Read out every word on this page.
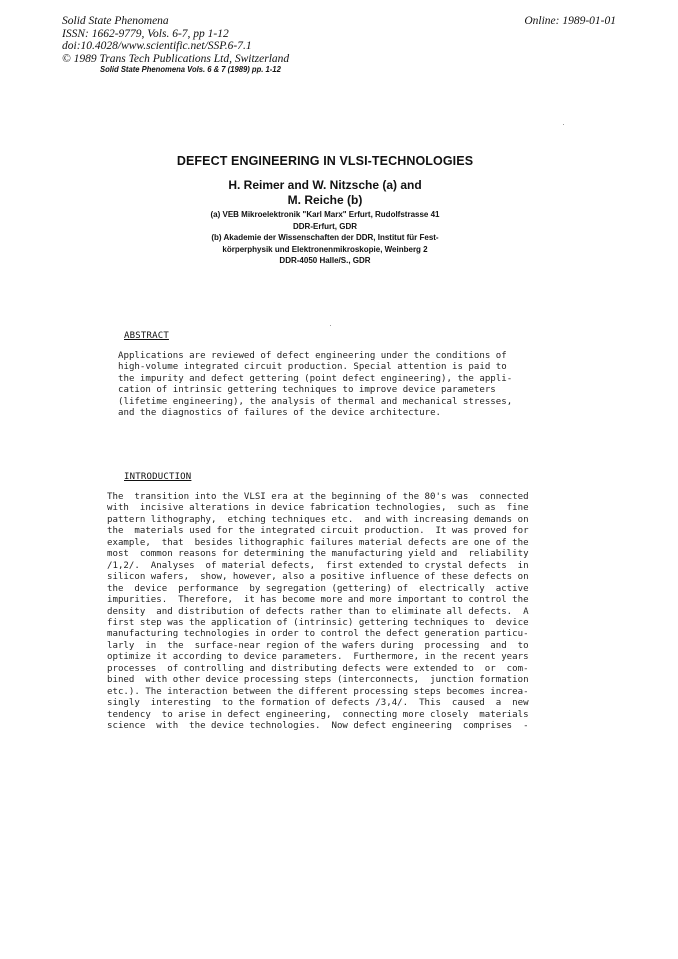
Solid State Phenomena
ISSN: 1662-9779, Vols. 6-7, pp 1-12
doi:10.4028/www.scientific.net/SSP.6-7.1
© 1989 Trans Tech Publications Ltd, Switzerland
Online: 1989-01-01
Solid State Phenomena Vols. 6 & 7 (1989) pp. 1-12
DEFECT ENGINEERING IN VLSI-TECHNOLOGIES
H. Reimer and W. Nitzsche (a) and
M. Reiche (b)
(a) VEB Mikroelektronik "Karl Marx" Erfurt, Rudolfstrasse 41
DDR-Erfurt, GDR
(b) Akademie der Wissenschaften der DDR, Institut für Fest-
körperphysik und Elektronenmikroskopie, Weinberg 2
DDR-4050 Halle/S., GDR
ABSTRACT
Applications are reviewed of defect engineering under the conditions of
high-volume integrated circuit production. Special attention is paid to
the impurity and defect gettering (point defect engineering), the appli-
cation of intrinsic gettering techniques to improve device parameters
(lifetime engineering), the analysis of thermal and mechanical stresses,
and the diagnostics of failures of the device architecture.
INTRODUCTION
The  transition into the VLSI era at the beginning of the 80's was  connected
with  incisive alterations in device fabrication technologies,  such as  fine
pattern lithography,  etching techniques etc.  and with increasing demands on
the  materials used for the integrated circuit production.  It was proved for
example,  that  besides lithographic failures material defects are one of the
most  common reasons for determining the manufacturing yield and  reliability
/1,2/.  Analyses  of material defects,  first extended to crystal defects  in
silicon wafers,  show, however, also a positive influence of these defects on
the  device  performance  by segregation (gettering) of  electrically  active
impurities.  Therefore,  it has become more and more important to control the
density  and distribution of defects rather than to eliminate all defects.  A
first step was the application of (intrinsic) gettering techniques to  device
manufacturing technologies in order to control the defect generation particu-
larly  in  the  surface-near region of the wafers during  processing  and  to
optimize it according to device parameters.  Furthermore, in the recent years
processes  of controlling and distributing defects were extended to  or  com-
bined  with other device processing steps (interconnects,  junction formation
etc.). The interaction between the different processing steps becomes increa-
singly  interesting  to the formation of defects /3,4/.  This  caused  a  new
tendency  to arise in defect engineering,  connecting more closely  materials
science  with  the device technologies.  Now defect engineering  comprises  -
